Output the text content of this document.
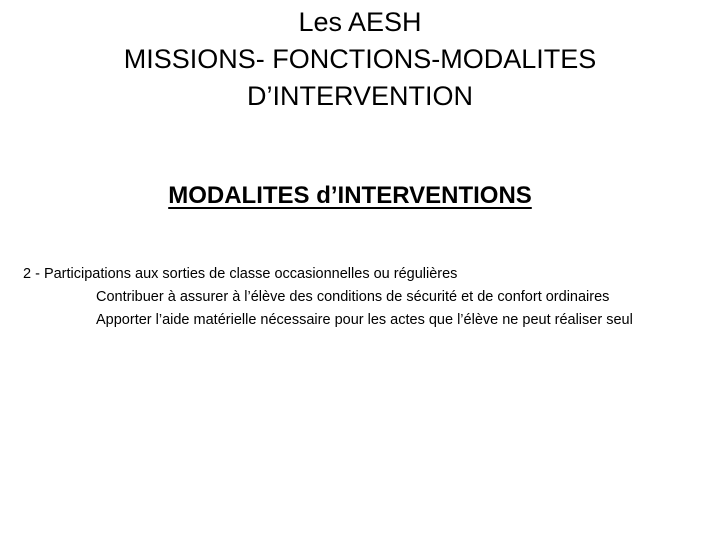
Les AESH
MISSIONS- FONCTIONS-MODALITES
D’INTERVENTION
MODALITES d’INTERVENTIONS
2 - Participations aux sorties de classe occasionnelles ou régulières
Contribuer à assurer à l’élève des conditions de sécurité et de confort ordinaires
Apporter l’aide matérielle nécessaire pour les actes que l’élève ne peut réaliser seul
